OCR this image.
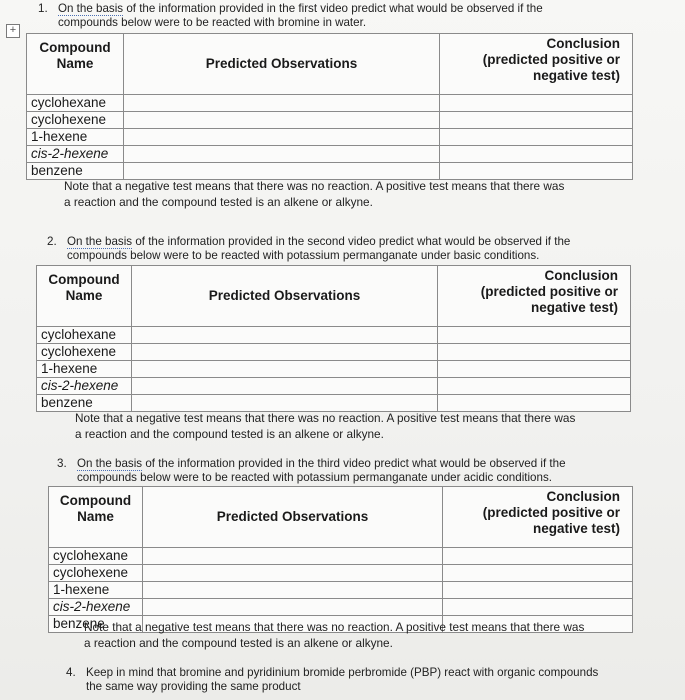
+
1. On the basis of the information provided in the first video predict what would be observed if the
compounds below were to be reacted with bromine in water.
Compound
Name	Predicted Observations	Conclusion
(predicted positive or
negative test)
cyclohexane		
cyclohexene		
1-hexene		
cis-2-hexene		
benzene		
Note that a negative test means that there was no reaction. A positive test means that there was
a reaction and the compound tested is an alkene or alkyne.
2. On the basis of the information provided in the second video predict what would be observed if the
compounds below were to be reacted with potassium permanganate under basic conditions.
Compound
Name	Predicted Observations	Conclusion
(predicted positive or
negative test)
cyclohexane		
cyclohexene		
1-hexene		
cis-2-hexene		
benzene		
Note that a negative test means that there was no reaction. A positive test means that there was
a reaction and the compound tested is an alkene or alkyne.
3. On the basis of the information provided in the third video predict what would be observed if the
compounds below were to be reacted with potassium permanganate under acidic conditions.
Compound
Name	Predicted Observations	Conclusion
(predicted positive or
negative test)
cyclohexane		
cyclohexene		
1-hexene		
cis-2-hexene		
benzene		
Note that a negative test means that there was no reaction. A positive test means that there was
a reaction and the compound tested is an alkene or alkyne.
4. Keep in mind that bromine and pyridinium bromide perbromide (PBP) react with organic compounds
the same way providing the same product
